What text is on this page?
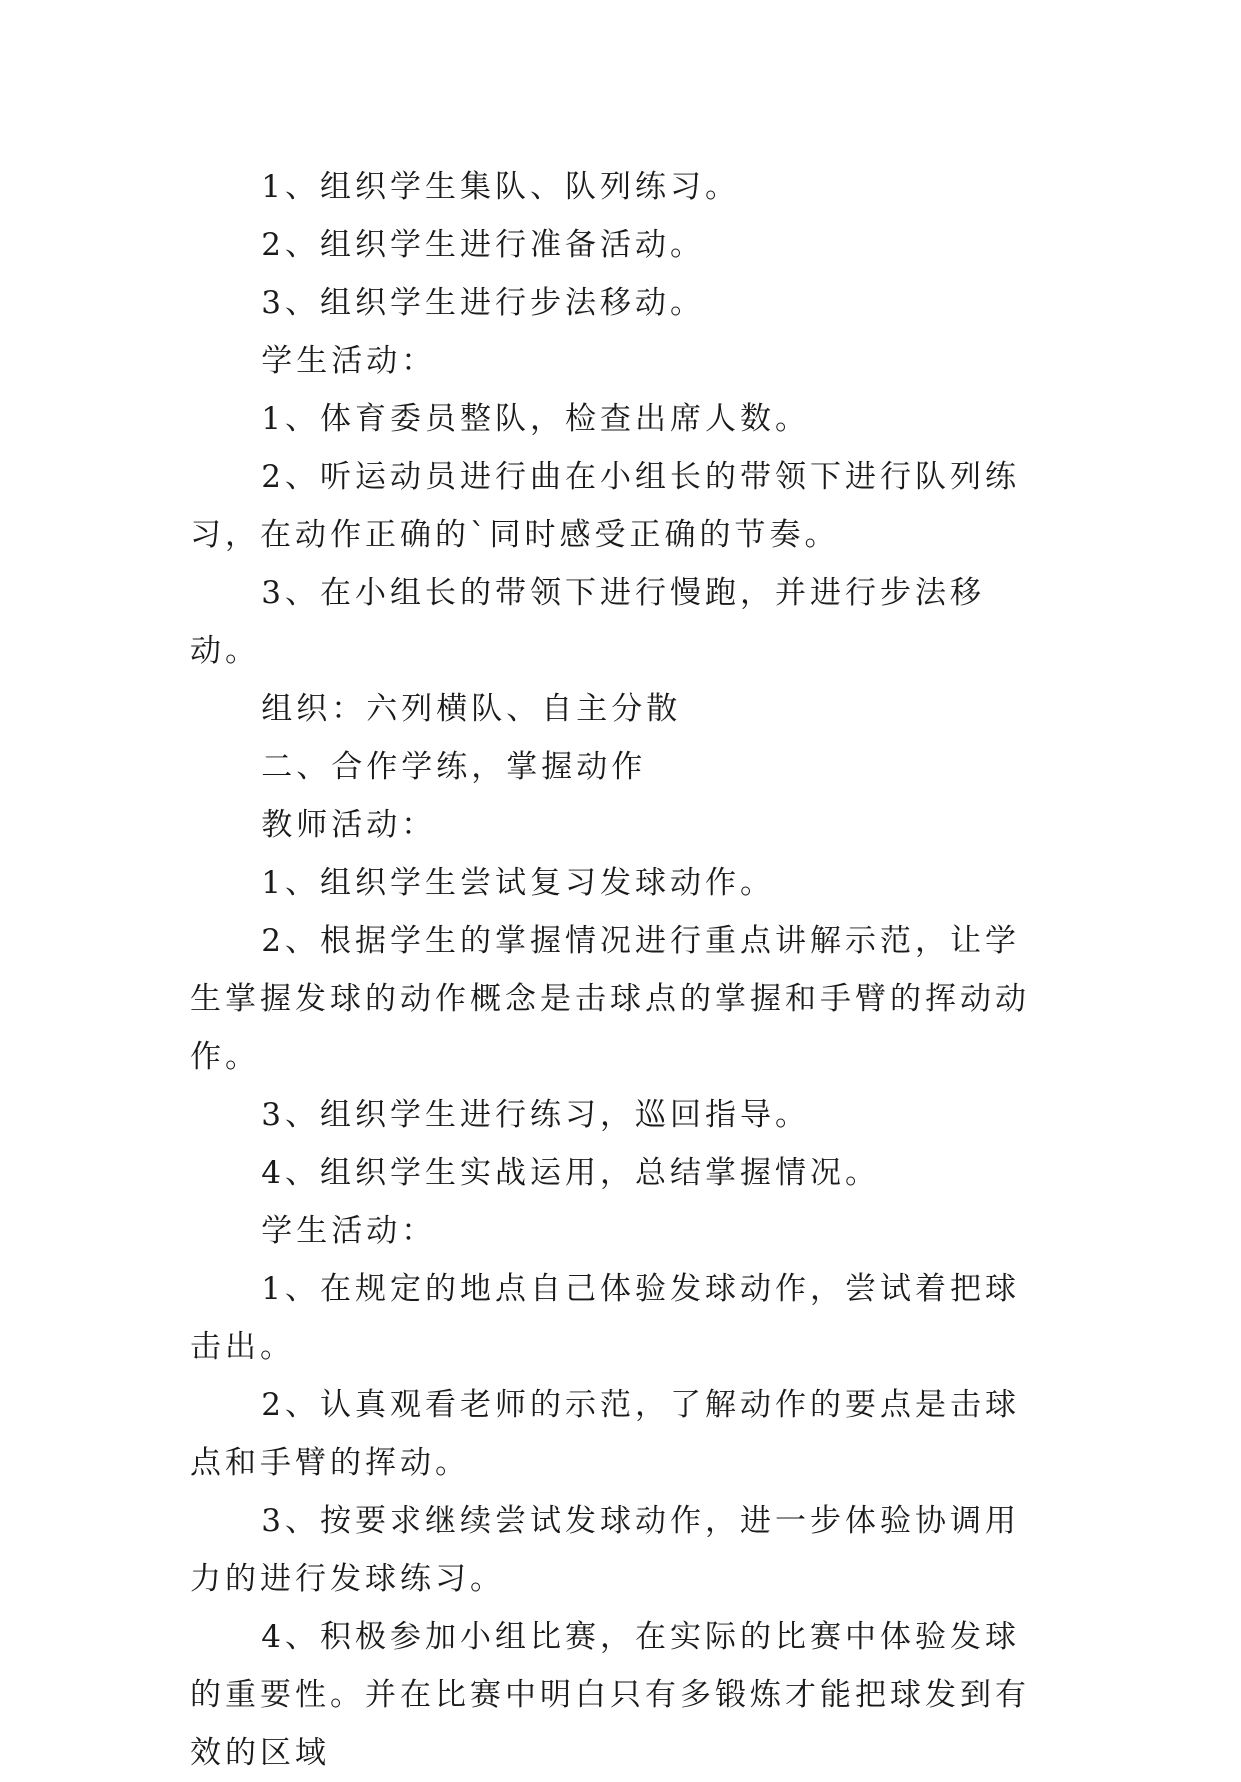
1、组织学生集队、队列练习。

2、组织学生进行准备活动。

3、组织学生进行步法移动。

学生活动：

1、体育委员整队，检查出席人数。

2、听运动员进行曲在小组长的带领下进行队列练习，在动作正确的`同时感受正确的节奏。

3、在小组长的带领下进行慢跑，并进行步法移动。

组织：六列横队、自主分散

二、合作学练，掌握动作

教师活动：

1、组织学生尝试复习发球动作。

2、根据学生的掌握情况进行重点讲解示范，让学生掌握发球的动作概念是击球点的掌握和手臂的挥动动作。

3、组织学生进行练习，巡回指导。

4、组织学生实战运用，总结掌握情况。

学生活动：

1、在规定的地点自己体验发球动作，尝试着把球击出。

2、认真观看老师的示范，了解动作的要点是击球点和手臂的挥动。

3、按要求继续尝试发球动作，进一步体验协调用力的进行发球练习。

4、积极参加小组比赛，在实际的比赛中体验发球的重要性。并在比赛中明白只有多锻炼才能把球发到有效的区域
